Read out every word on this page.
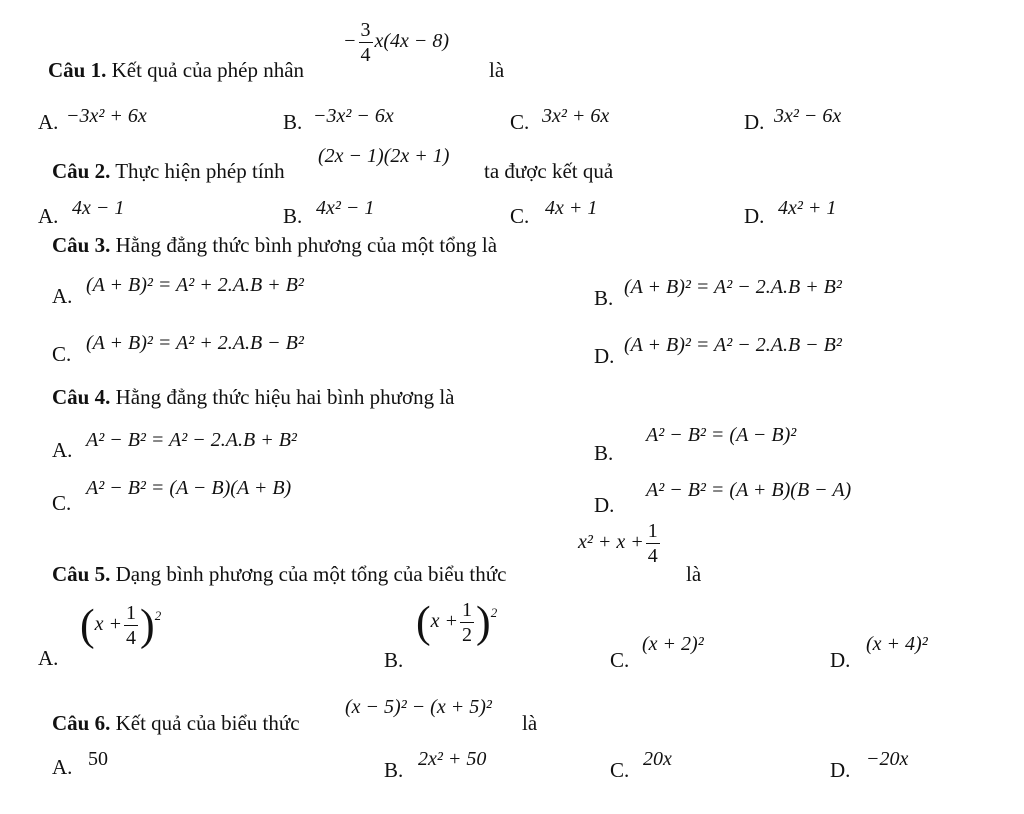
Câu 1. Kết quả của phép nhân
− $\frac{3}{4} x(4x - 8)$
là
A. −3x² + 6x	B. −3x² − 6x	C. 3x² + 6x	D. 3x² − 6x
Câu 2. Thực hiện phép tính
(2x − 1)(2x + 1)
ta được kết quả
A. 4x − 1	B. 4x² − 1	C. 4x + 1	D. 4x² + 1
Câu 3. Hằng đẳng thức bình phương của một tổng là
A. (A + B)² = A² + 2.A.B + B²
B. (A + B)² = A² − 2.A.B + B²
C. (A + B)² = A² + 2.A.B − B²
D. (A + B)² = A² − 2.A.B − B²
Câu 4. Hằng đẳng thức hiệu hai bình phương là
A. A² − B² = A² − 2.A.B + B²
B.
A² − B² = (A − B)²
C.
A² − B² = (A − B)(A + B)
D.
A² − B² = (A + B)(B − A)
Câu 5. Dạng bình phương của một tổng của biểu thức
$x^2 + x + \frac{1}{4}$
là
A.
$(x + \frac{1}{4} )^2$
B.
$(x + \frac{1}{2} )^2$
C.
(x + 2)²
D.
(x + 4)²
Câu 6. Kết quả của biểu thức
(x − 5)² − (x + 5)²
là
A. 50	B. 2x² + 50	C. 20x	D. −20x
